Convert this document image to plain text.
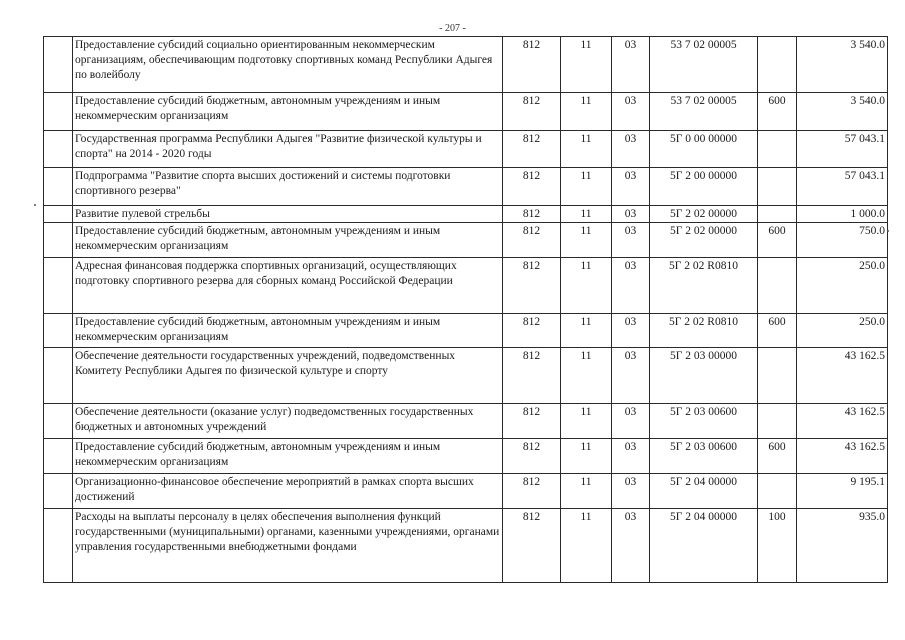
- 207 -
	Предоставление субсидий социально ориентированным некоммерческим организациям, обеспечивающим подготовку спортивных команд Республики Адыгея по волейболу	812	11	03	53 7 02 00005		3 540.0
	Предоставление субсидий бюджетным, автономным учреждениям и иным некоммерческим организациям	812	11	03	53 7 02 00005	600	3 540.0
	Государственная программа Республики Адыгея "Развитие физической культуры и спорта" на 2014 - 2020 годы	812	11	03	5Г 0 00 00000		57 043.1
	Подпрограмма "Развитие спорта высших достижений и системы подготовки спортивного резерва"	812	11	03	5Г 2 00 00000		57 043.1
	Развитие пулевой стрельбы	812	11	03	5Г 2 02 00000		1 000.0
	Предоставление субсидий бюджетным, автономным учреждениям и иным некоммерческим организациям	812	11	03	5Г 2 02 00000	600	750.0
	Адресная финансовая поддержка спортивных организаций, осуществляющих подготовку спортивного резерва для сборных команд Российской Федерации	812	11	03	5Г 2 02 R0810		250.0
	Предоставление субсидий бюджетным, автономным учреждениям и иным некоммерческим организациям	812	11	03	5Г 2 02 R0810	600	250.0
	Обеспечение деятельности государственных учреждений, подведомственных Комитету Республики Адыгея по физической культуре и спорту	812	11	03	5Г 2 03 00000		43 162.5
	Обеспечение деятельности (оказание услуг) подведомственных государственных бюджетных и автономных учреждений	812	11	03	5Г 2 03 00600		43 162.5
	Предоставление субсидий бюджетным, автономным учреждениям и иным некоммерческим организациям	812	11	03	5Г 2 03 00600	600	43 162.5
	Организационно-финансовое обеспечение мероприятий в рамках спорта высших достижений	812	11	03	5Г 2 04 00000		9 195.1
	Расходы на выплаты персоналу в целях обеспечения выполнения функций государственными (муниципальными) органами, казенными учреждениями, органами управления государственными внебюджетными фондами	812	11	03	5Г 2 04 00000	100	935.0
